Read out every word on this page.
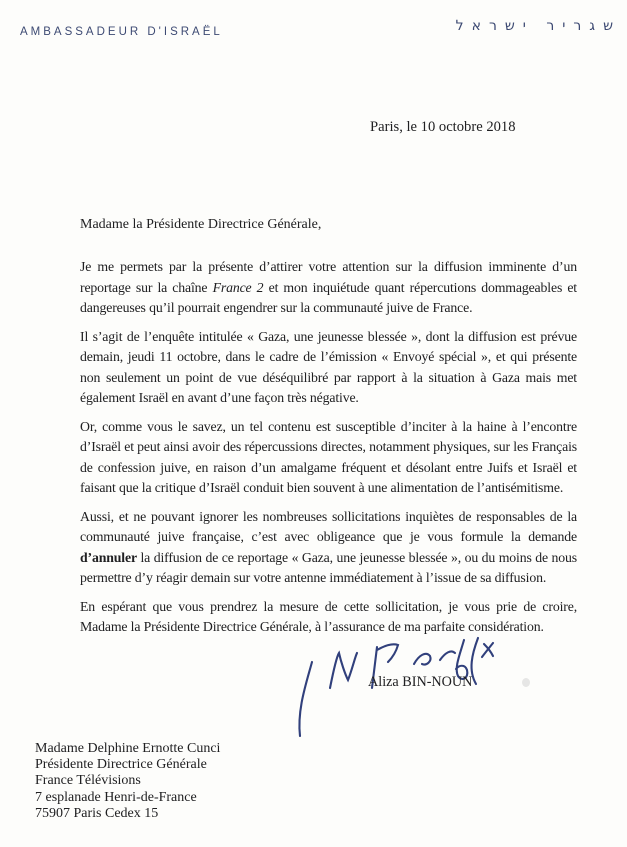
AMBASSADEUR D'ISRAËL	שגריר ישראל
Paris, le 10 octobre 2018
Madame la Présidente Directrice Générale,

Je me permets par la présente d’attirer votre attention sur la diffusion imminente d’un reportage sur la chaîne France 2 et mon inquiétude quant répercutions dommageables et dangereuses qu’il pourrait engendrer sur la communauté juive de France.

Il s’agit de l’enquête intitulée « Gaza, une jeunesse blessée », dont la diffusion est prévue demain, jeudi 11 octobre, dans le cadre de l’émission « Envoyé spécial », et qui présente non seulement un point de vue déséquilibré par rapport à la situation à Gaza mais met également Israël en avant d’une façon très négative.

Or, comme vous le savez, un tel contenu est susceptible d’inciter à la haine à l’encontre d’Israël et peut ainsi avoir des répercussions directes, notamment physiques, sur les Français de confession juive, en raison d’un amalgame fréquent et désolant entre Juifs et Israël et faisant que la critique d’Israël conduit bien souvent à une alimentation de l’antisémitisme.

Aussi, et ne pouvant ignorer les nombreuses sollicitations inquiètes de responsables de la communauté juive française, c’est avec obligeance que je vous formule la demande d’annuler la diffusion de ce reportage « Gaza, une jeunesse blessée », ou du moins de nous permettre d’y réagir demain sur votre antenne immédiatement à l’issue de sa diffusion.

En espérant que vous prendrez la mesure de cette sollicitation, je vous prie de croire, Madame la Présidente Directrice Générale, à l’assurance de ma parfaite considération.

Aliza BIN-NOUN
Madame Delphine Ernotte Cunci
Présidente Directrice Générale
France Télévisions
7 esplanade Henri-de-France
75907 Paris Cedex 15
